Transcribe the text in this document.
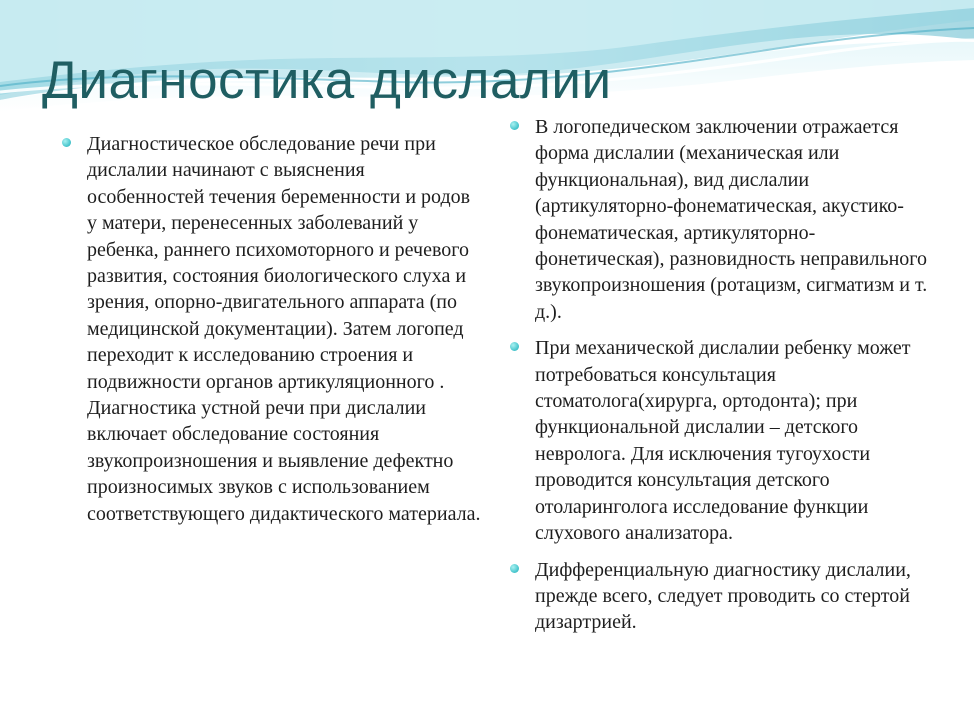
Диагностика дислалии
Диагностическое обследование речи при дислалии начинают с выяснения особенностей течения беременности и родов у матери, перенесенных заболеваний у ребенка, раннего психомоторного и речевого развития, состояния биологического слуха и зрения, опорно-двигательного аппарата (по медицинской документации). Затем логопед переходит к исследованию строения и подвижности органов артикуляционного . Диагностика устной речи при дислалии включает обследование состояния звукопроизношения и выявление дефектно произносимых звуков с использованием соответствующего дидактического материала.
В логопедическом заключении отражается форма дислалии (механическая или функциональная), вид дислалии (артикуляторно-фонематическая, акустико-фонематическая, артикуляторно-фонетическая), разновидность неправильного звукопроизношения (ротацизм, сигматизм и т. д.).
При механической дислалии ребенку может потребоваться консультация стоматолога(хирурга, ортодонта); при функциональной дислалии – детского невролога. Для исключения тугоухости проводится консультация детского отоларинголога исследование функции слухового анализатора.
Дифференциальную диагностику дислалии, прежде всего, следует проводить со стертой дизартрией.
